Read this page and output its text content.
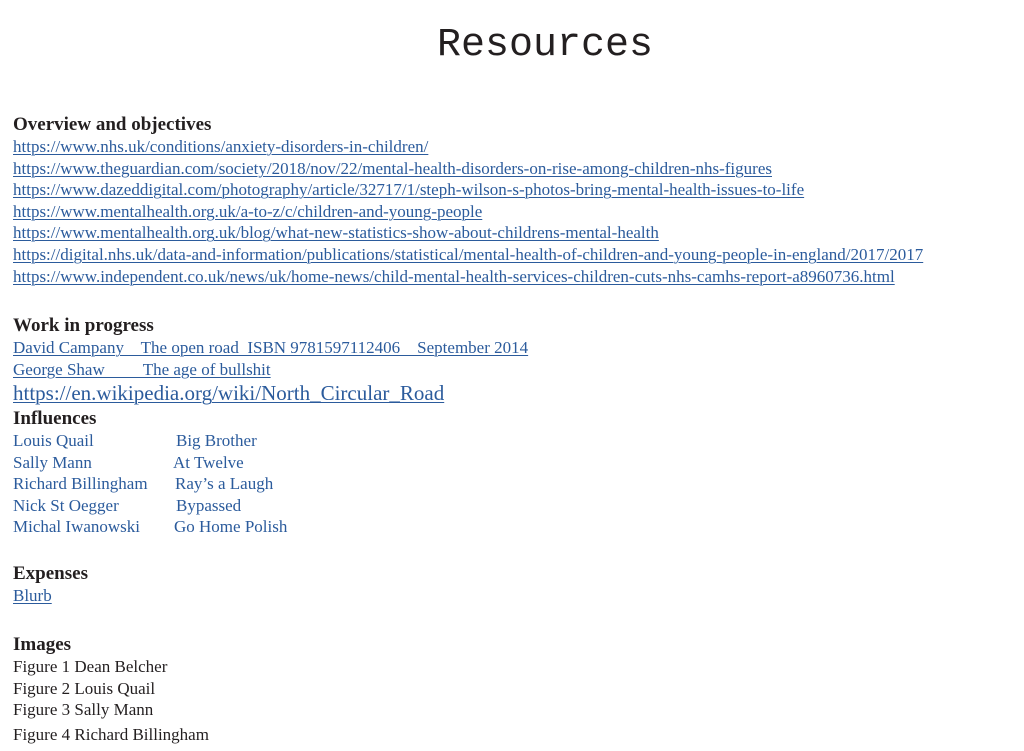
Resources
Overview and objectives
https://www.nhs.uk/conditions/anxiety-disorders-in-children/
https://www.theguardian.com/society/2018/nov/22/mental-health-disorders-on-rise-among-children-nhs-figures
https://www.dazeddigital.com/photography/article/32717/1/steph-wilson-s-photos-bring-mental-health-issues-to-life
https://www.mentalhealth.org.uk/a-to-z/c/children-and-young-people
https://www.mentalhealth.org.uk/blog/what-new-statistics-show-about-childrens-mental-health
https://digital.nhs.uk/data-and-information/publications/statistical/mental-health-of-children-and-young-people-in-england/2017/2017
https://www.independent.co.uk/news/uk/home-news/child-mental-health-services-children-cuts-nhs-camhs-report-a8960736.html
Work in progress
David Campany    The open road  ISBN 9781597112406    September 2014
George Shaw         The age of bullshit
https://en.wikipedia.org/wiki/North_Circular_Road
Influences
Louis Quail	Big Brother
Sally Mann	At Twelve
Richard Billingham Ray’s a Laugh
Nick St Oegger	Bypassed
Michal Iwanowski Go Home Polish
Expenses
Blurb
Images
Figure 1 Dean Belcher
Figure 2 Louis Quail
Figure 3 Sally Mann
Figure 4 Richard Billingham
